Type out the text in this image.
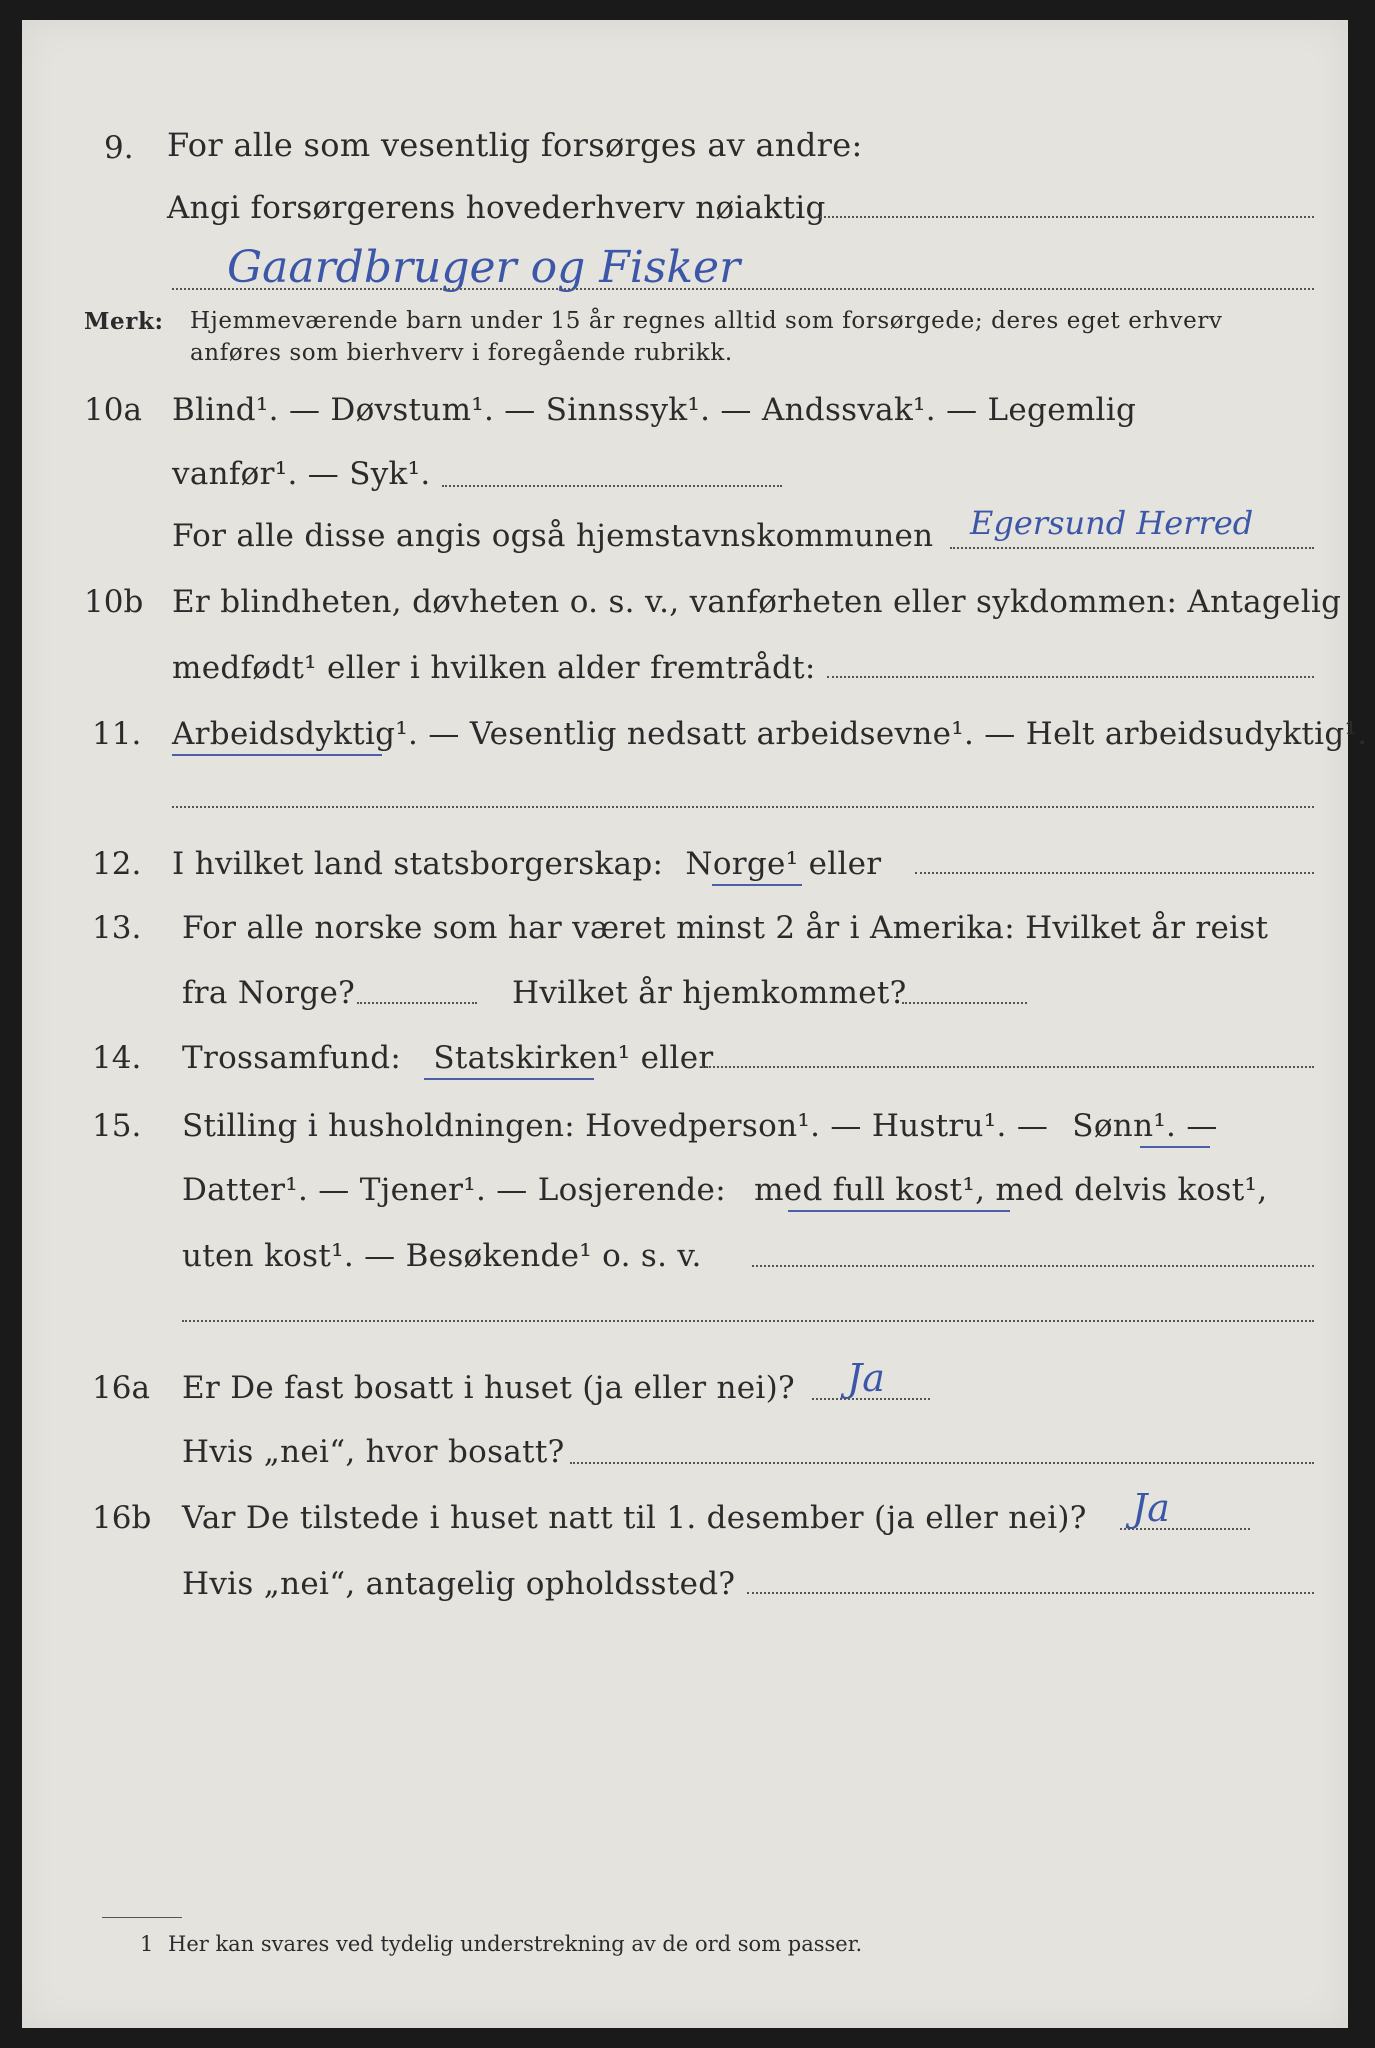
9. For alle som vesentlig forsørges av andre:
Angi forsørgerens hovederhverv nøiaktig
Gaardbruger og Fisker
Merk: Hjemmeværende barn under 15 år regnes alltid som forsørgede; deres eget erhverv
anføres som bierhverv i foregående rubrikk.
10a Blind¹. — Døvstum¹. — Sinnssyk¹. — Andssvak¹. — Legemlig
vanfør¹. — Syk¹.
For alle disse angis også hjemstavnskommunen Egersund Herred
10b Er blindheten, døvheten o. s. v., vanførheten eller sykdommen: Antagelig
medfødt¹ eller i hvilken alder fremtrådt:
11. Arbeidsdyktig¹. — Vesentlig nedsatt arbeidsevne¹. — Helt arbeidsudyktig¹.
12. I hvilket land statsborgerskap: Norge¹ eller
13. For alle norske som har været minst 2 år i Amerika: Hvilket år reist
fra Norge?	Hvilket år hjemkommet?
14. Trossamfund: Statskirken¹ eller
15. Stilling i husholdningen: Hovedperson¹. — Hustru¹. — Sønn¹. —
Datter¹. — Tjener¹. — Losjerende: med full kost¹, med delvis kost¹,
uten kost¹. — Besøkende¹ o. s. v.
16a Er De fast bosatt i huset (ja eller nei)? Ja
Hvis „nei“, hvor bosatt?
16b Var De tilstede i huset natt til 1. desember (ja eller nei)? Ja
Hvis „nei“, antagelig opholdssted?
1 Her kan svares ved tydelig understrekning av de ord som passer.
